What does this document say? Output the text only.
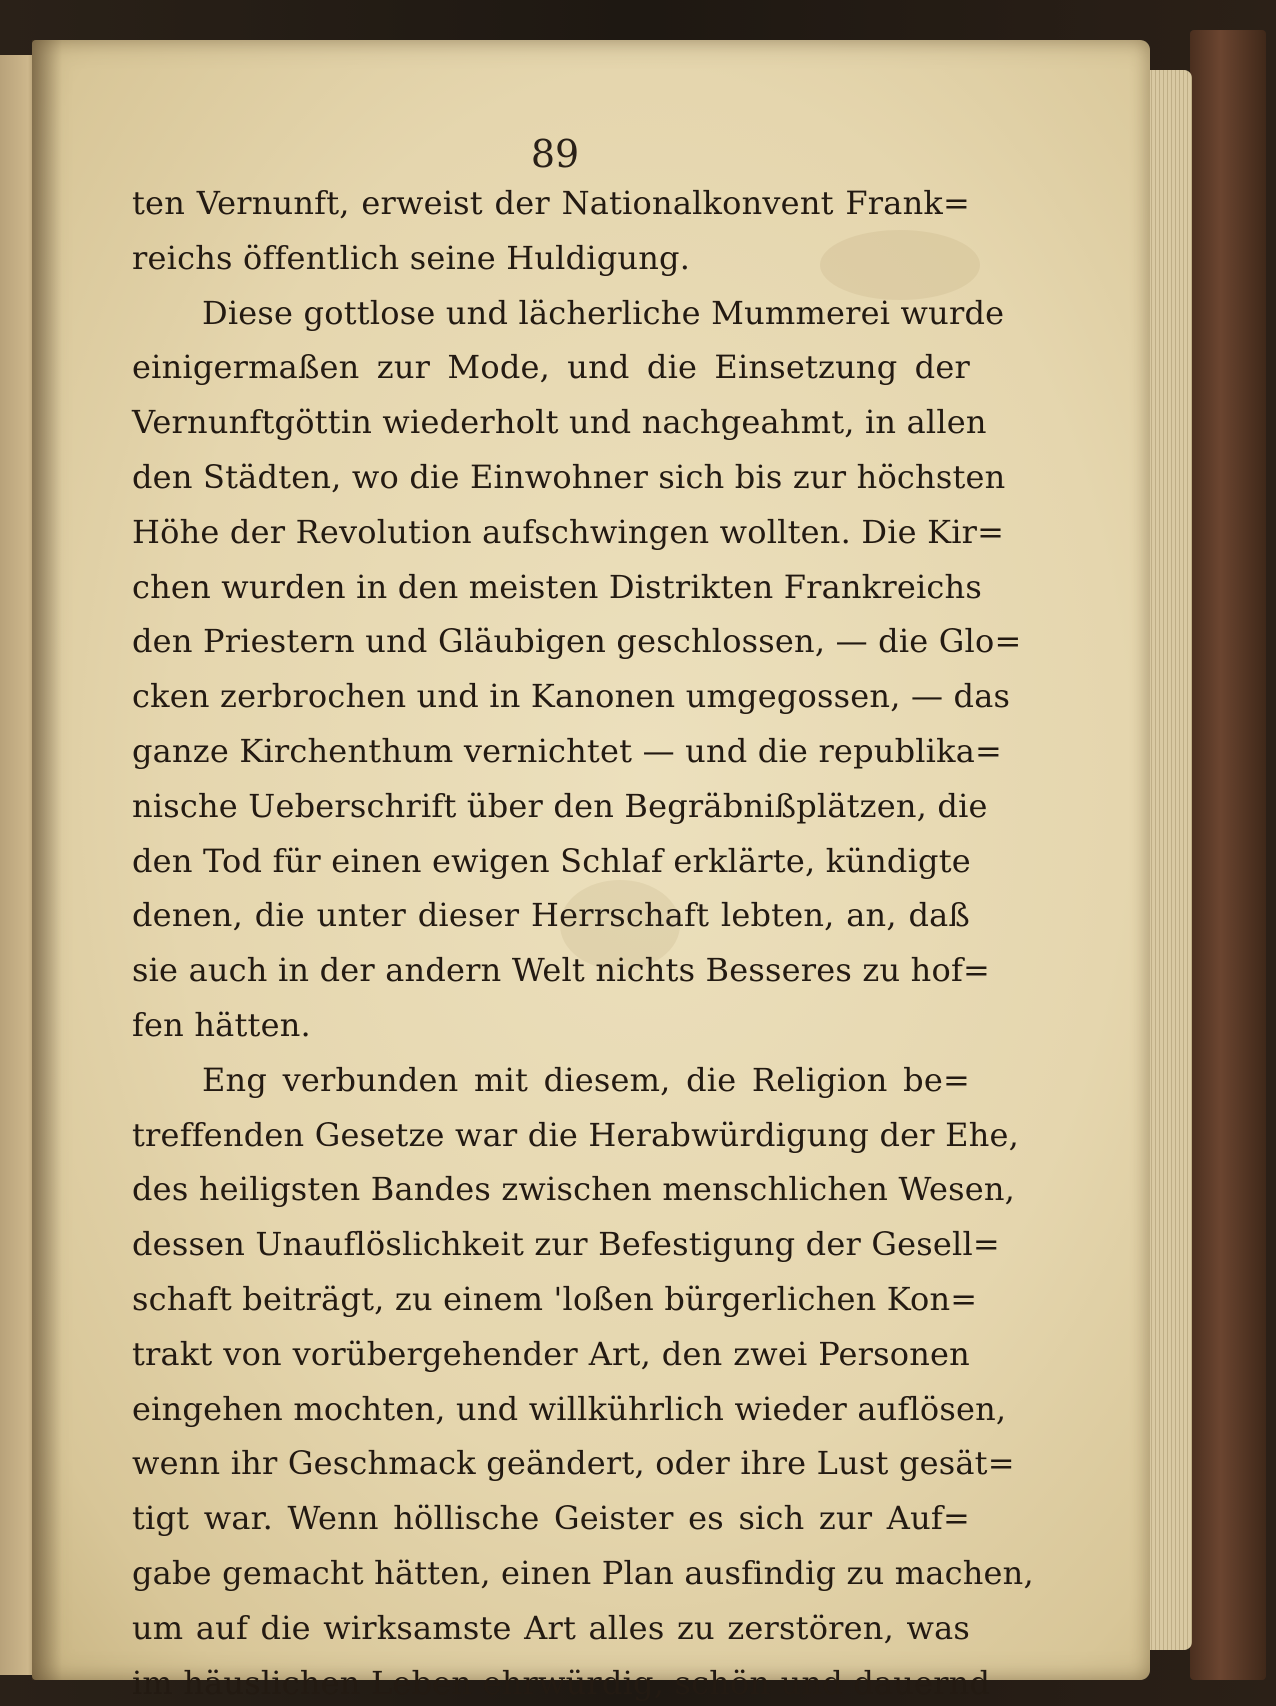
89

ten Vernunft, erweist der Nationalkonvent Frank=
reichs öffentlich seine Huldigung.
Diese gottlose und lächerliche Mummerei wurde
einigermaßen zur Mode, und die Einsetzung der
Vernunftgöttin wiederholt und nachgeahmt, in allen
den Städten, wo die Einwohner sich bis zur höchsten
Höhe der Revolution aufschwingen wollten. Die Kir=
chen wurden in den meisten Distrikten Frankreichs
den Priestern und Gläubigen geschlossen, — die Glo=
cken zerbrochen und in Kanonen umgegossen, — das
ganze Kirchenthum vernichtet — und die republika=
nische Ueberschrift über den Begräbnißplätzen, die
den Tod für einen ewigen Schlaf erklärte, kündigte
denen, die unter dieser Herrschaft lebten, an, daß
sie auch in der andern Welt nichts Besseres zu hof=
fen hätten.
Eng verbunden mit diesem, die Religion be=
treffenden Gesetze war die Herabwürdigung der Ehe,
des heiligsten Bandes zwischen menschlichen Wesen,
dessen Unauflöslichkeit zur Befestigung der Gesell=
schaft beiträgt, zu einem 'loßen bürgerlichen Kon=
trakt von vorübergehender Art, den zwei Personen
eingehen mochten, und willkührlich wieder auflösen,
wenn ihr Geschmack geändert, oder ihre Lust gesät=
tigt war. Wenn höllische Geister es sich zur Auf=
gabe gemacht hätten, einen Plan ausfindig zu machen,
um auf die wirksamste Art alles zu zerstören, was
im häuslichen Leben ehrwürdig, schön und dauernd
